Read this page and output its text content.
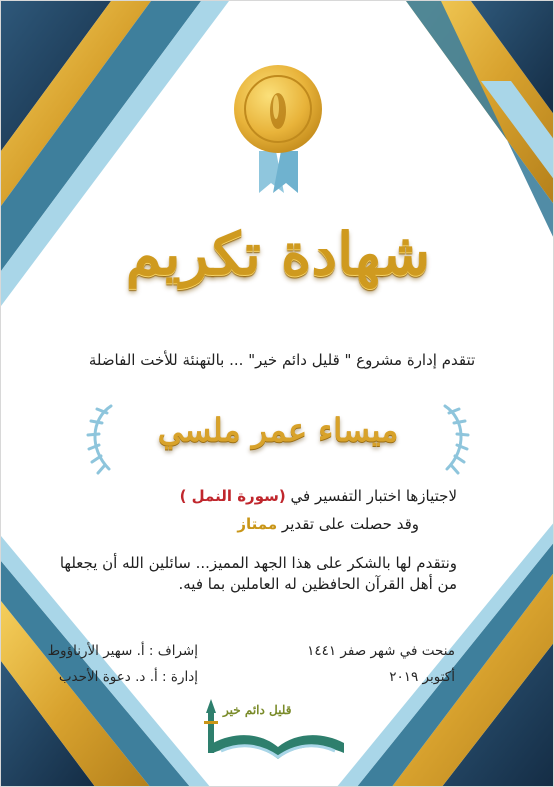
شهادة تكريم
تتقدم إدارة مشروع " قليل دائم خير" ... بالتهنئة للأخت الفاضلة
ميساء عمر ملسي
لاجتيازها اختبار التفسير في (سورة النمل )
وقد حصلت على تقدير ممتاز
ونتقدم لها بالشكر على هذا الجهد المميز... سائلين الله أن يجعلها
من أهل القرآن الحافظين له العاملين بما فيه.
منحت في شهر صفر ١٤٤١
أكتوبر ٢٠١٩
إشراف : أ. سهير الأرناؤوط
إدارة : أ. د. دعوة الأحدب
قليل دائم خير
